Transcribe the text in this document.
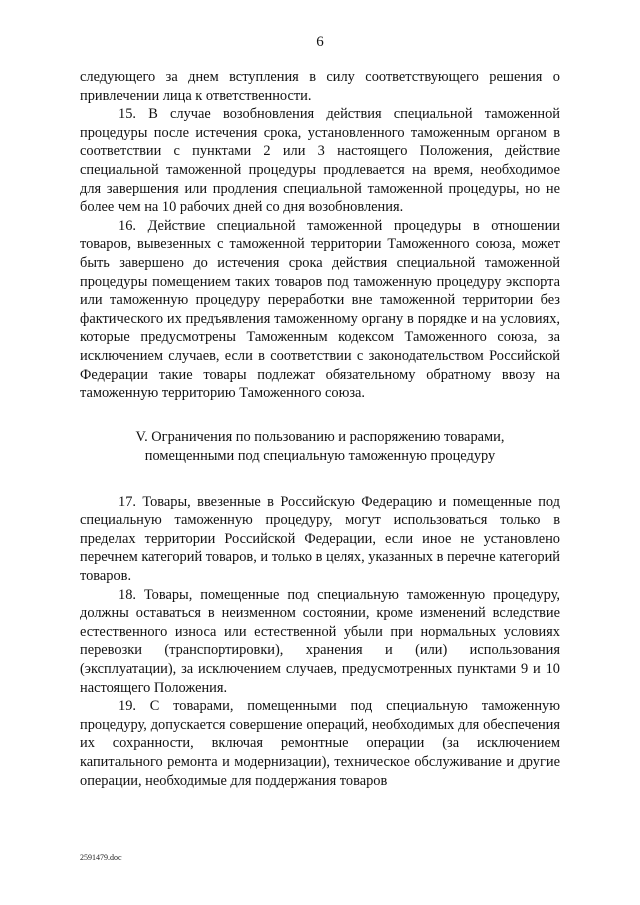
6

следующего за днем вступления в силу соответствующего решения о привлечении лица к ответственности.

15. В случае возобновления действия специальной таможенной процедуры после истечения срока, установленного таможенным органом в соответствии с пунктами 2 или 3 настоящего Положения, действие специальной таможенной процедуры продлевается на время, необходимое для завершения или продления специальной таможенной процедуры, но не более чем на 10 рабочих дней со дня возобновления.

16. Действие специальной таможенной процедуры в отношении товаров, вывезенных с таможенной территории Таможенного союза, может быть завершено до истечения срока действия специальной таможенной процедуры помещением таких товаров под таможенную процедуру экспорта или таможенную процедуру переработки вне таможенной территории без фактического их предъявления таможенному органу в порядке и на условиях, которые предусмотрены Таможенным кодексом Таможенного союза, за исключением случаев, если в соответствии с законодательством Российской Федерации такие товары подлежат обязательному обратному ввозу на таможенную территорию Таможенного союза.

V. Ограничения по пользованию и распоряжению товарами,
помещенными под специальную таможенную процедуру

17. Товары, ввезенные в Российскую Федерацию и помещенные под специальную таможенную процедуру, могут использоваться только в пределах территории Российской Федерации, если иное не установлено перечнем категорий товаров, и только в целях, указанных в перечне категорий товаров.

18. Товары, помещенные под специальную таможенную процедуру, должны оставаться в неизменном состоянии, кроме изменений вследствие естественного износа или естественной убыли при нормальных условиях перевозки (транспортировки), хранения и (или) использования (эксплуатации), за исключением случаев, предусмотренных пунктами 9 и 10 настоящего Положения.

19. С товарами, помещенными под специальную таможенную процедуру, допускается совершение операций, необходимых для обеспечения их сохранности, включая ремонтные операции (за исключением капитального ремонта и модернизации), техническое обслуживание и другие операции, необходимые для поддержания товаров

2591479.doc
